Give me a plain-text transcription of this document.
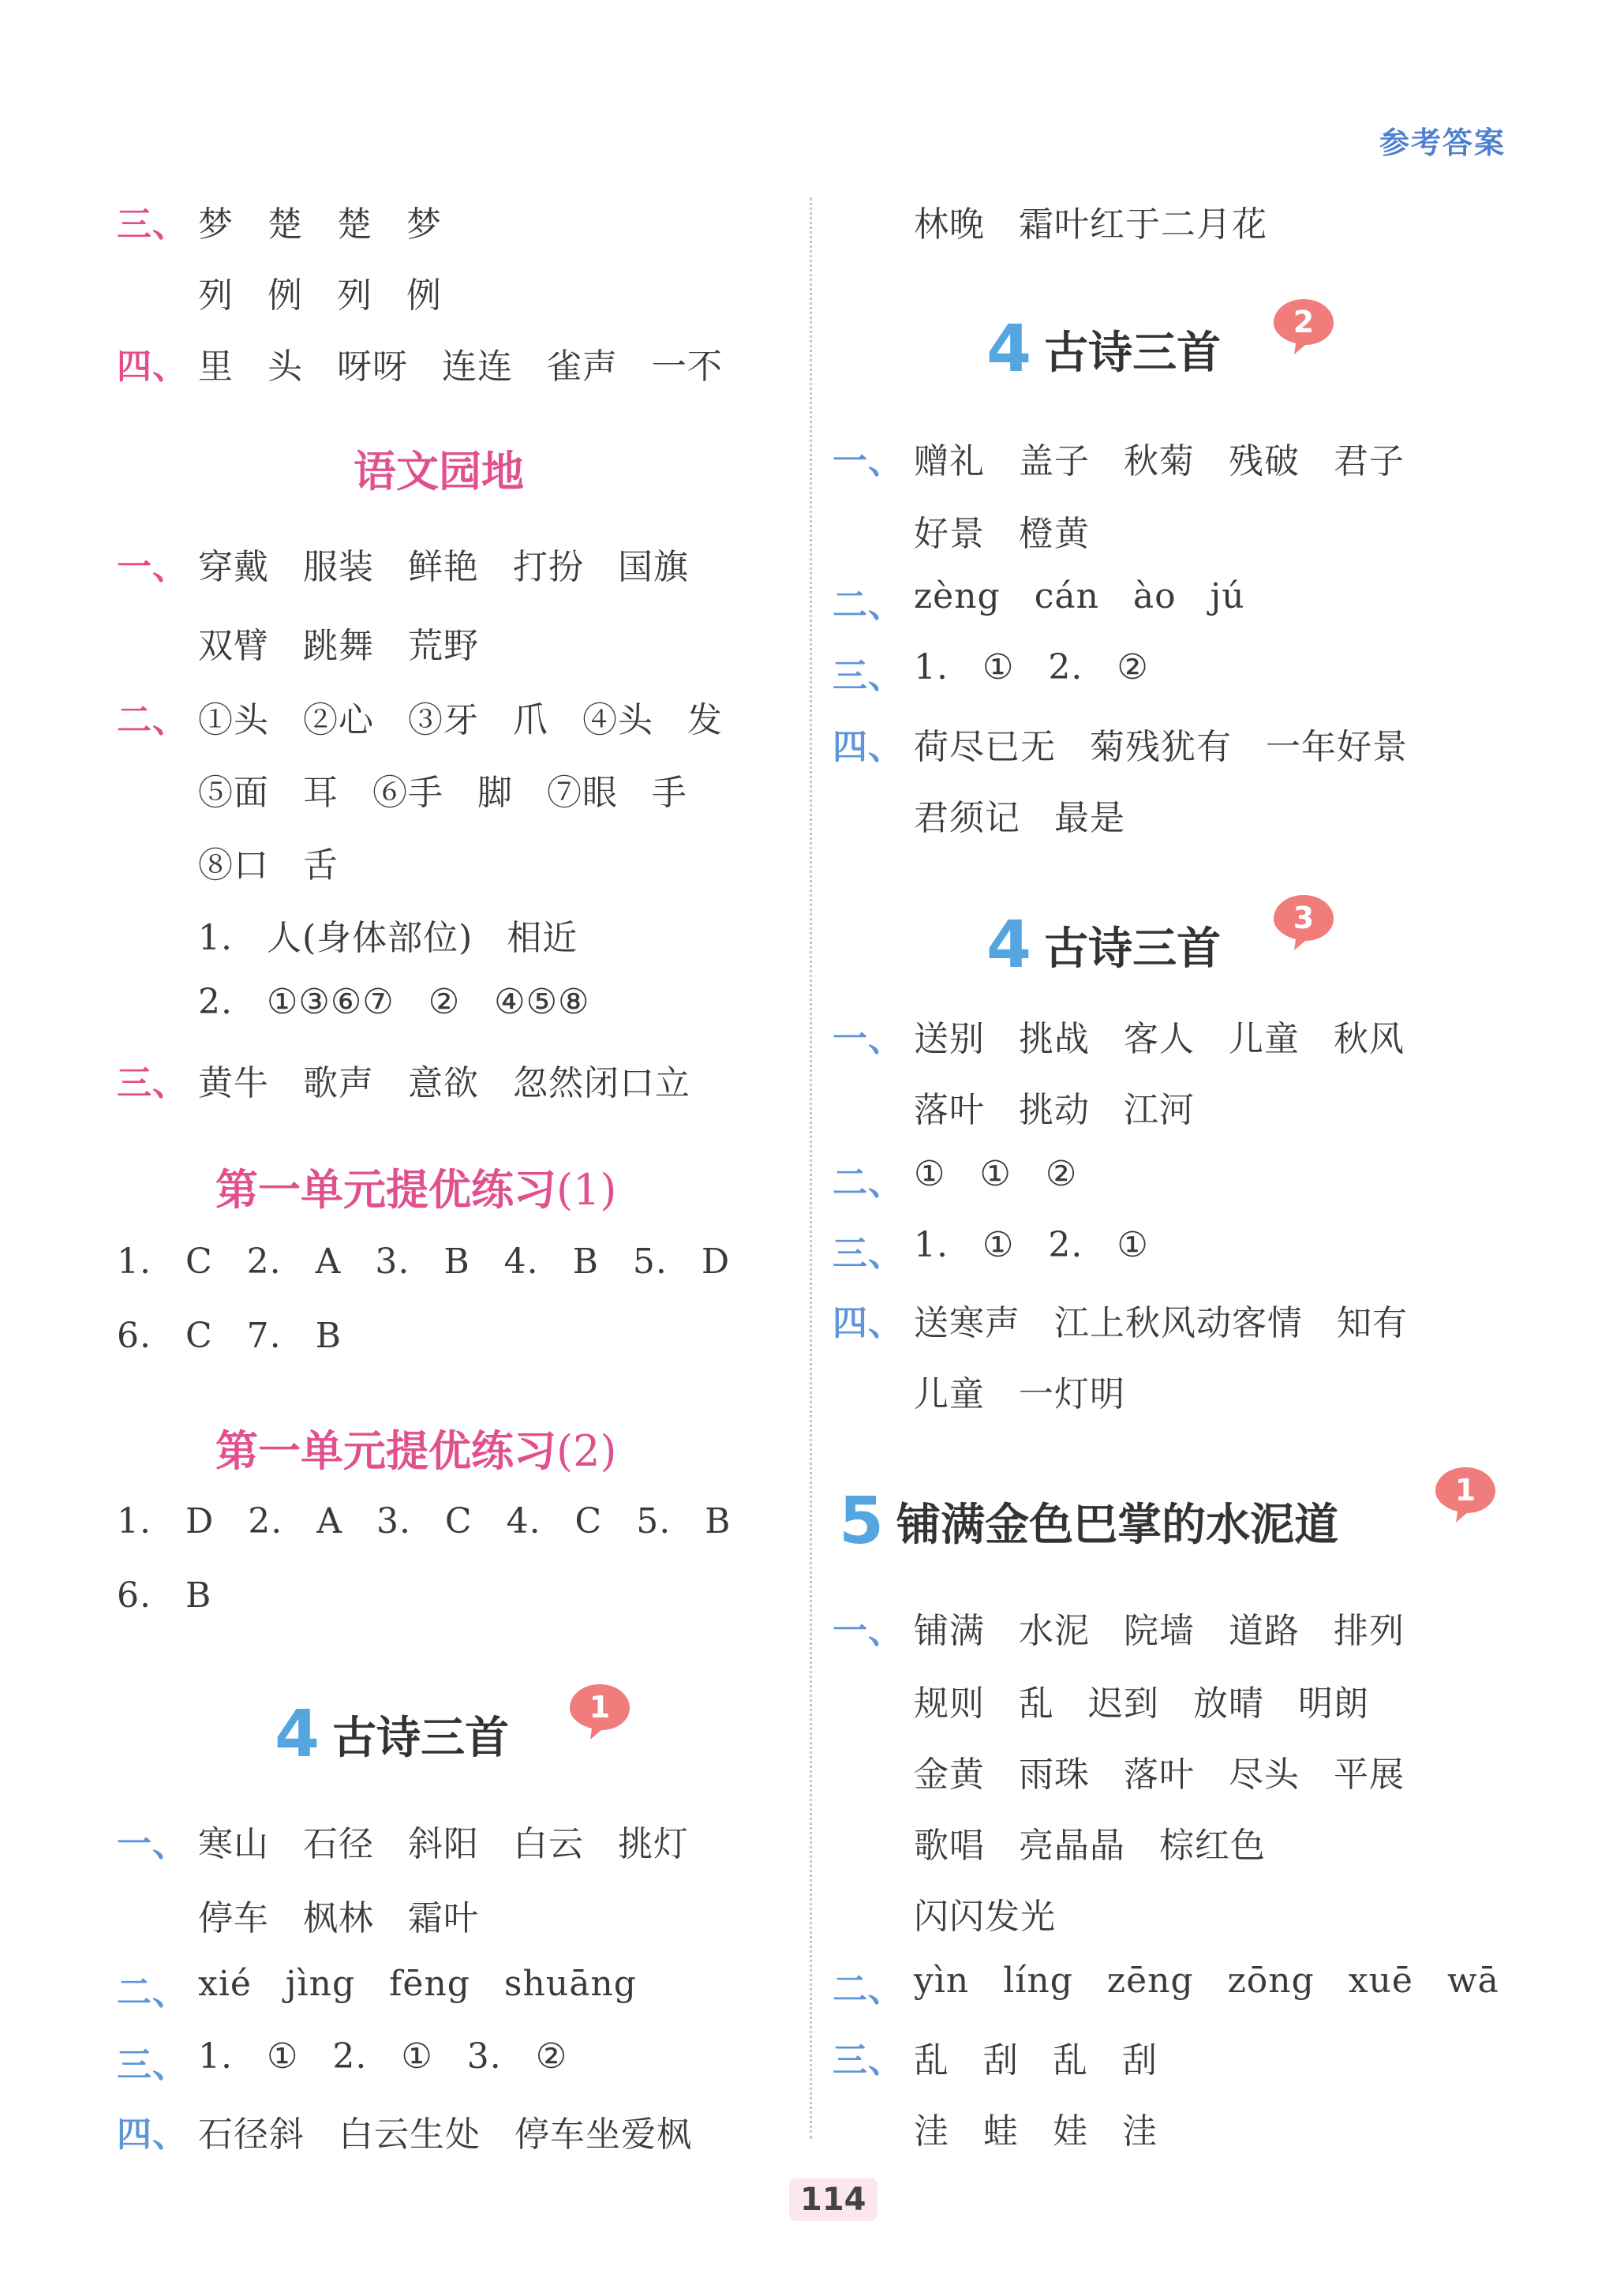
参考答案
三、 梦 楚 楚 梦
列 例 列 例
四、 里 头 呀呀 连连 雀声 一不
语文园地
一、 穿戴 服装 鲜艳 打扮 国旗
双臂 跳舞 荒野
二、 ①头 ②心 ③牙 爪 ④头 发
⑤面 耳 ⑥手 脚 ⑦眼 手
⑧口 舌
1. 人(身体部位) 相近
2. ①③⑥⑦ ② ④⑤⑧
三、 黄牛 歌声 意欲 忽然闭口立
第一单元提优练习(1)
1. C 2. A 3. B 4. B 5. D
6. C 7. B
第一单元提优练习(2)
1. D 2. A 3. C 4. C 5. B
6. B
4 古诗三首
1
一、 寒山 石径 斜阳 白云 挑灯
停车 枫林 霜叶
二、 xié jìng fēng shuāng
三、 1. ① 2. ① 3. ②
四、 石径斜 白云生处 停车坐爱枫
林晚 霜叶红于二月花
4 古诗三首
2
一、 赠礼 盖子 秋菊 残破 君子
好景 橙黄
二、 zèng cán ào jú
三、 1. ① 2. ②
四、 荷尽已无 菊残犹有 一年好景
君须记 最是
4 古诗三首
3
一、 送别 挑战 客人 儿童 秋风
落叶 挑动 江河
二、 ① ① ②
三、 1. ① 2. ①
四、 送寒声 江上秋风动客情 知有
儿童 一灯明
5 铺满金色巴掌的水泥道
1
一、 铺满 水泥 院墙 道路 排列
规则 乱 迟到 放晴 明朗
金黄 雨珠 落叶 尽头 平展
歌唱 亮晶晶 棕红色
闪闪发光
二、 yìn líng zēng zōng xuē wā
三、 乱 刮 乱 刮
洼 蛙 娃 洼
114
